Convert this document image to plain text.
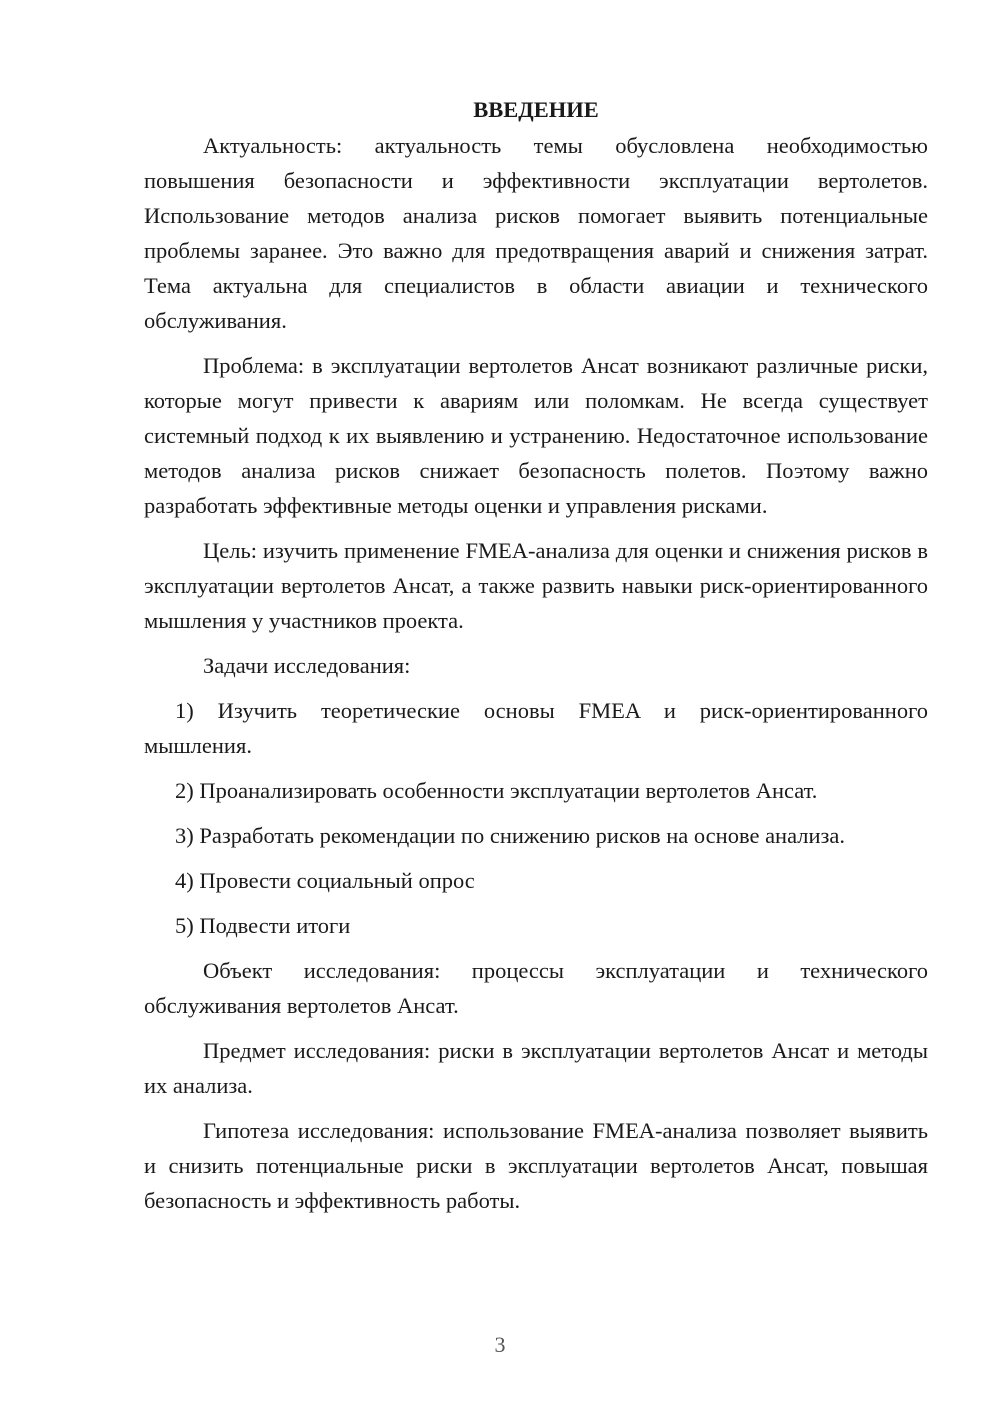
ВВЕДЕНИЕ

Актуальность: актуальность темы обусловлена необходимостью повышения безопасности и эффективности эксплуатации вертолетов. Использование методов анализа рисков помогает выявить потенциальные проблемы заранее. Это важно для предотвращения аварий и снижения затрат. Тема актуальна для специалистов в области авиации и технического обслуживания.

Проблема: в эксплуатации вертолетов Ансат возникают различные риски, которые могут привести к авариям или поломкам. Не всегда существует системный подход к их выявлению и устранению. Недостаточное использование методов анализа рисков снижает безопасность полетов. Поэтому важно разработать эффективные методы оценки и управления рисками.

Цель: изучить применение FMEA-анализа для оценки и снижения рисков в эксплуатации вертолетов Ансат, а также развить навыки риск-ориентированного мышления у участников проекта.

Задачи исследования:

1) Изучить теоретические основы FMEA и риск-ориентированного мышления.

2) Проанализировать особенности эксплуатации вертолетов Ансат.

3) Разработать рекомендации по снижению рисков на основе анализа.

4) Провести социальный опрос

5) Подвести итоги

Объект исследования: процессы эксплуатации и технического обслуживания вертолетов Ансат.

Предмет исследования: риски в эксплуатации вертолетов Ансат и методы их анализа.

Гипотеза исследования: использование FMEA-анализа позволяет выявить и снизить потенциальные риски в эксплуатации вертолетов Ансат, повышая безопасность и эффективность работы.

3
